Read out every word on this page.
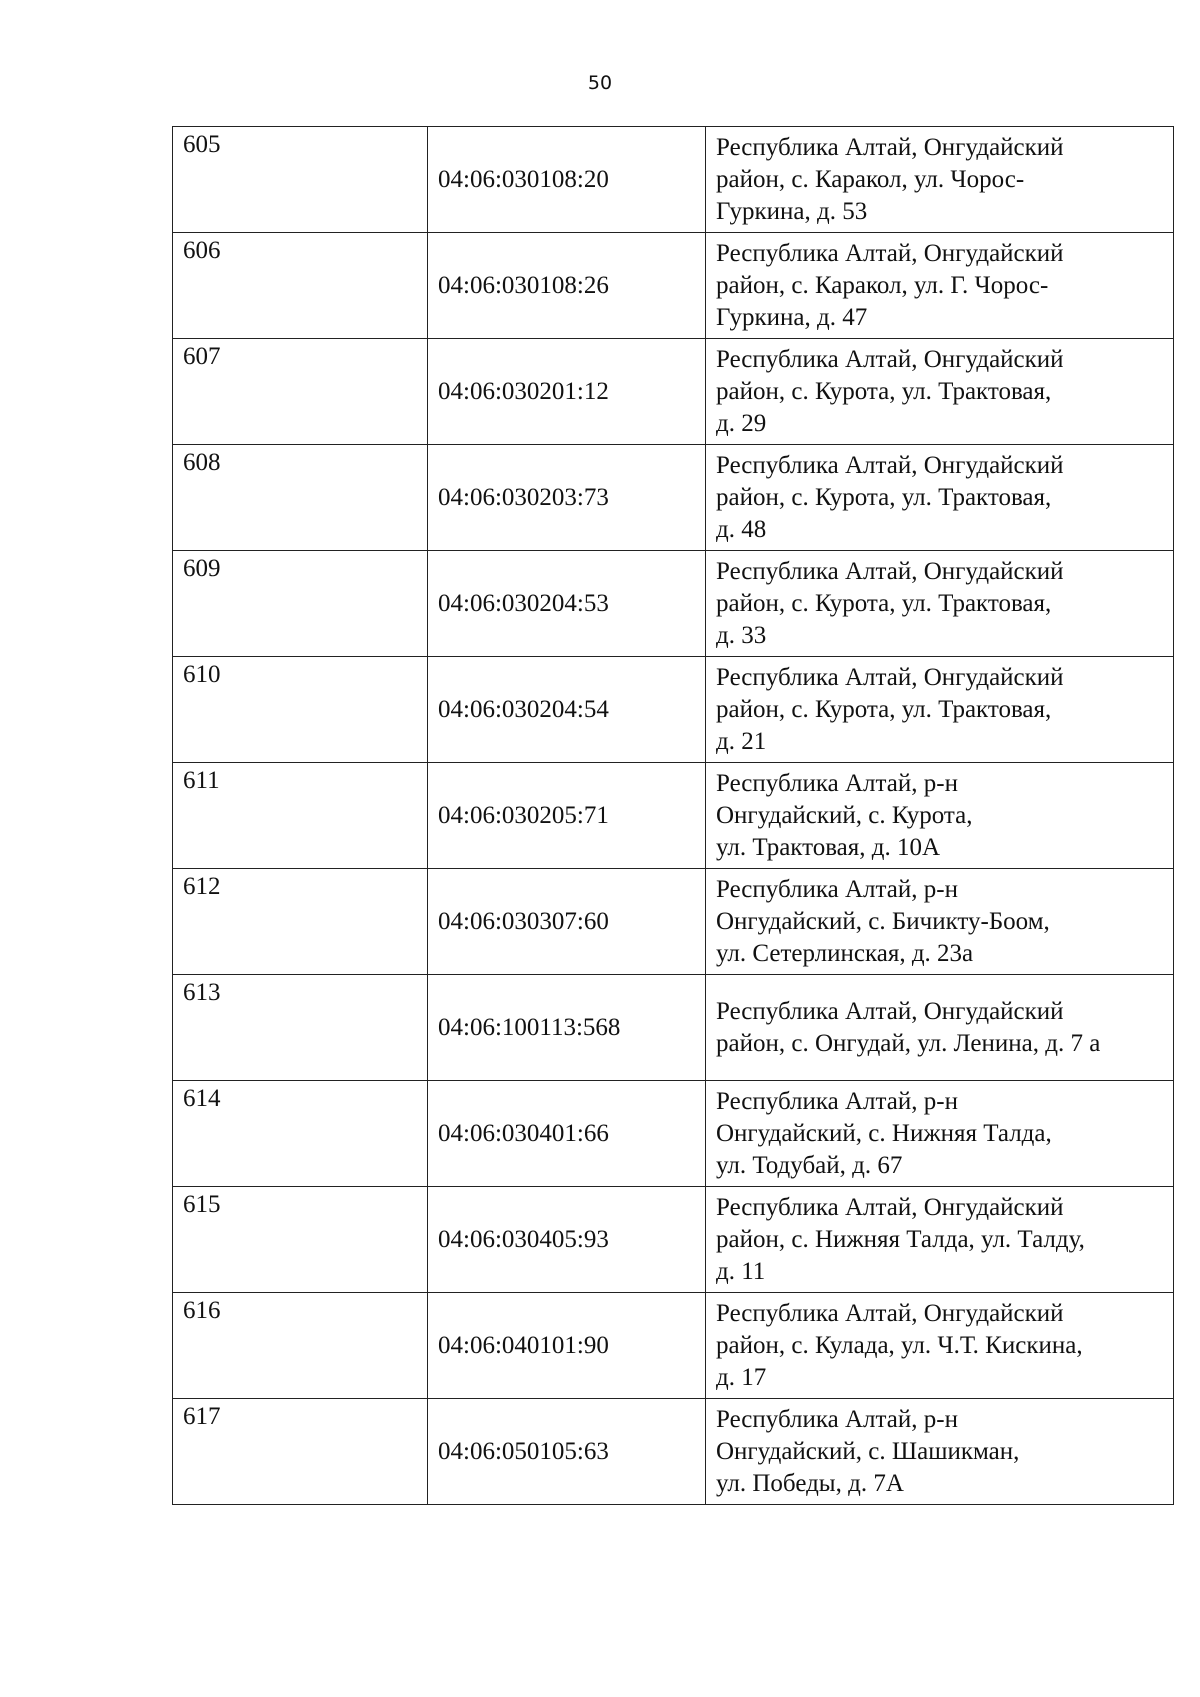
50
605	04:06:030108:20	Республика Алтай, Онгудайский
район, с. Каракол, ул. Чорос-
Гуркина, д. 53

606	04:06:030108:26	Республика Алтай, Онгудайский
район, с. Каракол, ул. Г. Чорос-
Гуркина, д. 47

607	04:06:030201:12	Республика Алтай, Онгудайский
район, с. Курота, ул. Трактовая,
д. 29

608	04:06:030203:73	Республика Алтай, Онгудайский
район, с. Курота, ул. Трактовая,
д. 48

609	04:06:030204:53	Республика Алтай, Онгудайский
район, с. Курота, ул. Трактовая,
д. 33

610	04:06:030204:54	Республика Алтай, Онгудайский
район, с. Курота, ул. Трактовая,
д. 21

611	04:06:030205:71	Республика Алтай, р-н
Онгудайский, с. Курота,
ул. Трактовая, д. 10А

612	04:06:030307:60	Республика Алтай, р-н
Онгудайский, с. Бичикту-Боом,
ул. Сетерлинская, д. 23а

613	04:06:100113:568	Республика Алтай, Онгудайский
район, с. Онгудай, ул. Ленина, д. 7 а

614	04:06:030401:66	Республика Алтай, р-н
Онгудайский, с. Нижняя Талда,
ул. Тодубай, д. 67

615	04:06:030405:93	Республика Алтай, Онгудайский
район, с. Нижняя Талда, ул. Талду,
д. 11

616	04:06:040101:90	Республика Алтай, Онгудайский
район, с. Кулада, ул. Ч.Т. Кискина,
д. 17

617	04:06:050105:63	Республика Алтай, р-н
Онгудайский, с. Шашикман,
ул. Победы, д. 7А
